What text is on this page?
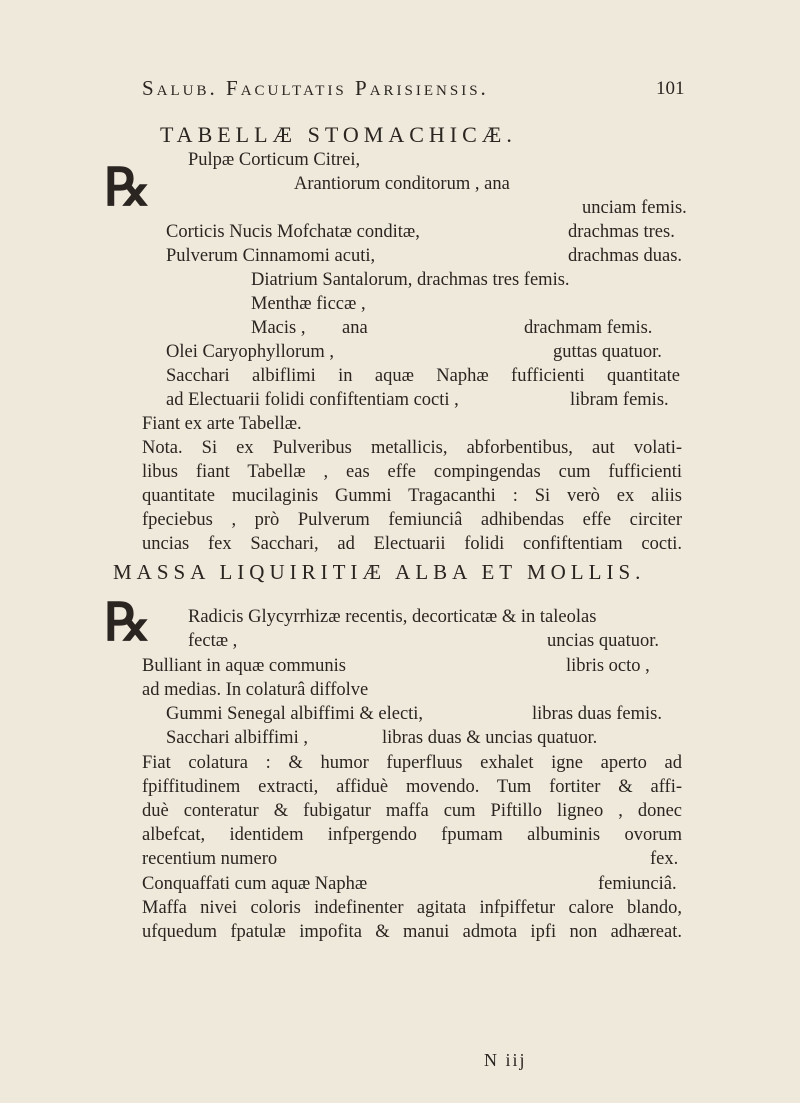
Salub. Facultatis Parisiensis.	101
TABELLÆ STOMACHICÆ.
℞ Pulpæ Corticum Citrei,
Arantiorum conditorum , ana
unciam femis.
Corticis Nucis Mofchatæ conditæ,	drachmas tres.
Pulverum Cinnamomi acuti,	drachmas duas.
Diatrium Santalorum, drachmas tres femis.
Menthæ ficcæ ,
Macis , ana	drachmam femis.
Olei Caryophyllorum ,	guttas quatuor.
Sacchari albiflimi in aquæ Naphæ fufficienti quantitate
ad Electuarii folidi confiftentiam cocti ,	libram femis.
Fiant ex arte Tabellæ.
Nota. Si ex Pulveribus metallicis, abforbentibus, aut volati-
libus fiant Tabellæ , eas effe compingendas cum fufficienti
quantitate mucilaginis Gummi Tragacanthi : Si verò ex aliis
fpeciebus , prò Pulverum femiunciâ adhibendas effe circiter
MASSA LIQUIRITIÆ ALBA ET MOLLIS.
℞ Radicis Glycyrrhizæ recentis, decorticatæ & in taleolas
fectæ ,	uncias quatuor.
Bulliant in aquæ communis	libris octo ,
ad medias. In colaturâ diffolve
Gummi Senegal albiffimi & electi,	libras duas femis.
Sacchari albiffimi ,	libras duas & uncias quatuor.
Fiat colatura : & humor fuperfluus exhalet igne aperto ad
fpiffitudinem extracti, affiduè movendo. Tum fortiter & affi-
duè conteratur & fubigatur maffa cum Piftillo ligneo , donec
albefcat, identidem infpergendo fpumam albuminis ovorum
recentium numero	fex.
Conquaffati cum aquæ Naphæ	femiunciâ.
Maffa nivei coloris indefinenter agitata infpiffetur calore blando,
ufquedum fpatulæ impofita & manui admota ipfi non adhæreat.
N iij
uncias fex Sacchari, ad Electuarii folidi confiftentiam cocti.
